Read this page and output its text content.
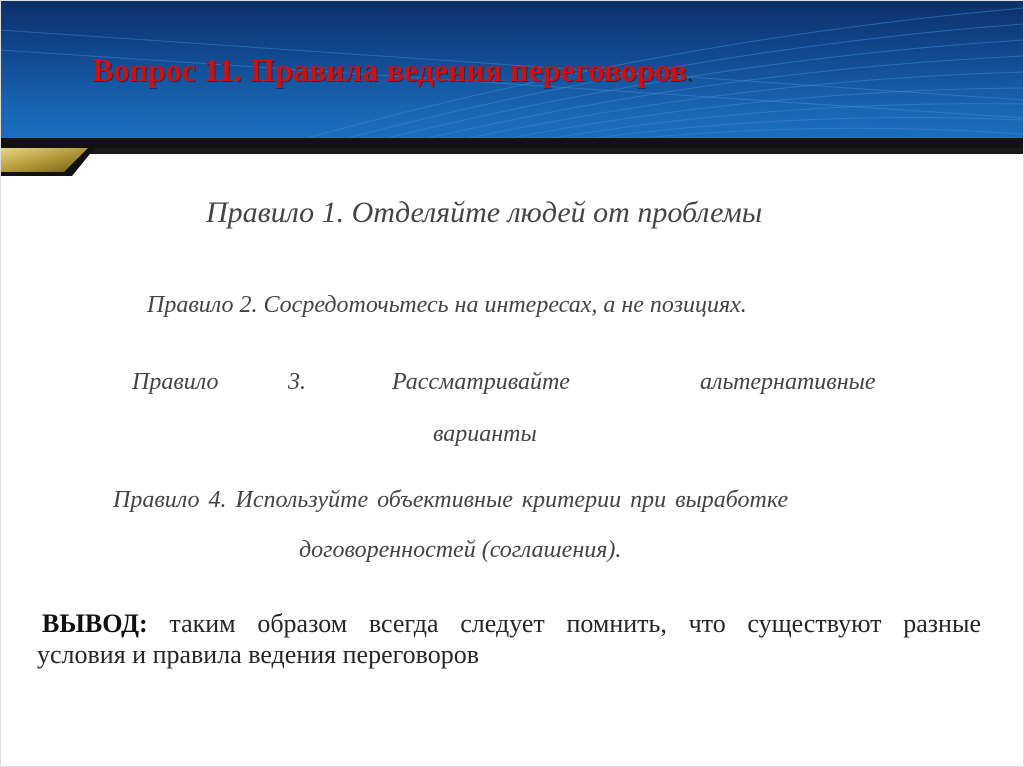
Вопрос 11. Правила ведения переговоров.
Правило 1. Отделяйте людей от проблемы
Правило 2. Сосредоточьтесь на интересах, а не позициях.
Правило	3.	Рассматривайте	альтернативные
варианты
Правило 4. Используйте объективные критерии при выработке
договоренностей (соглашения).
ВЫВОД: таким образом всегда следует помнить, что существуют разные
условия и правила ведения переговоров
